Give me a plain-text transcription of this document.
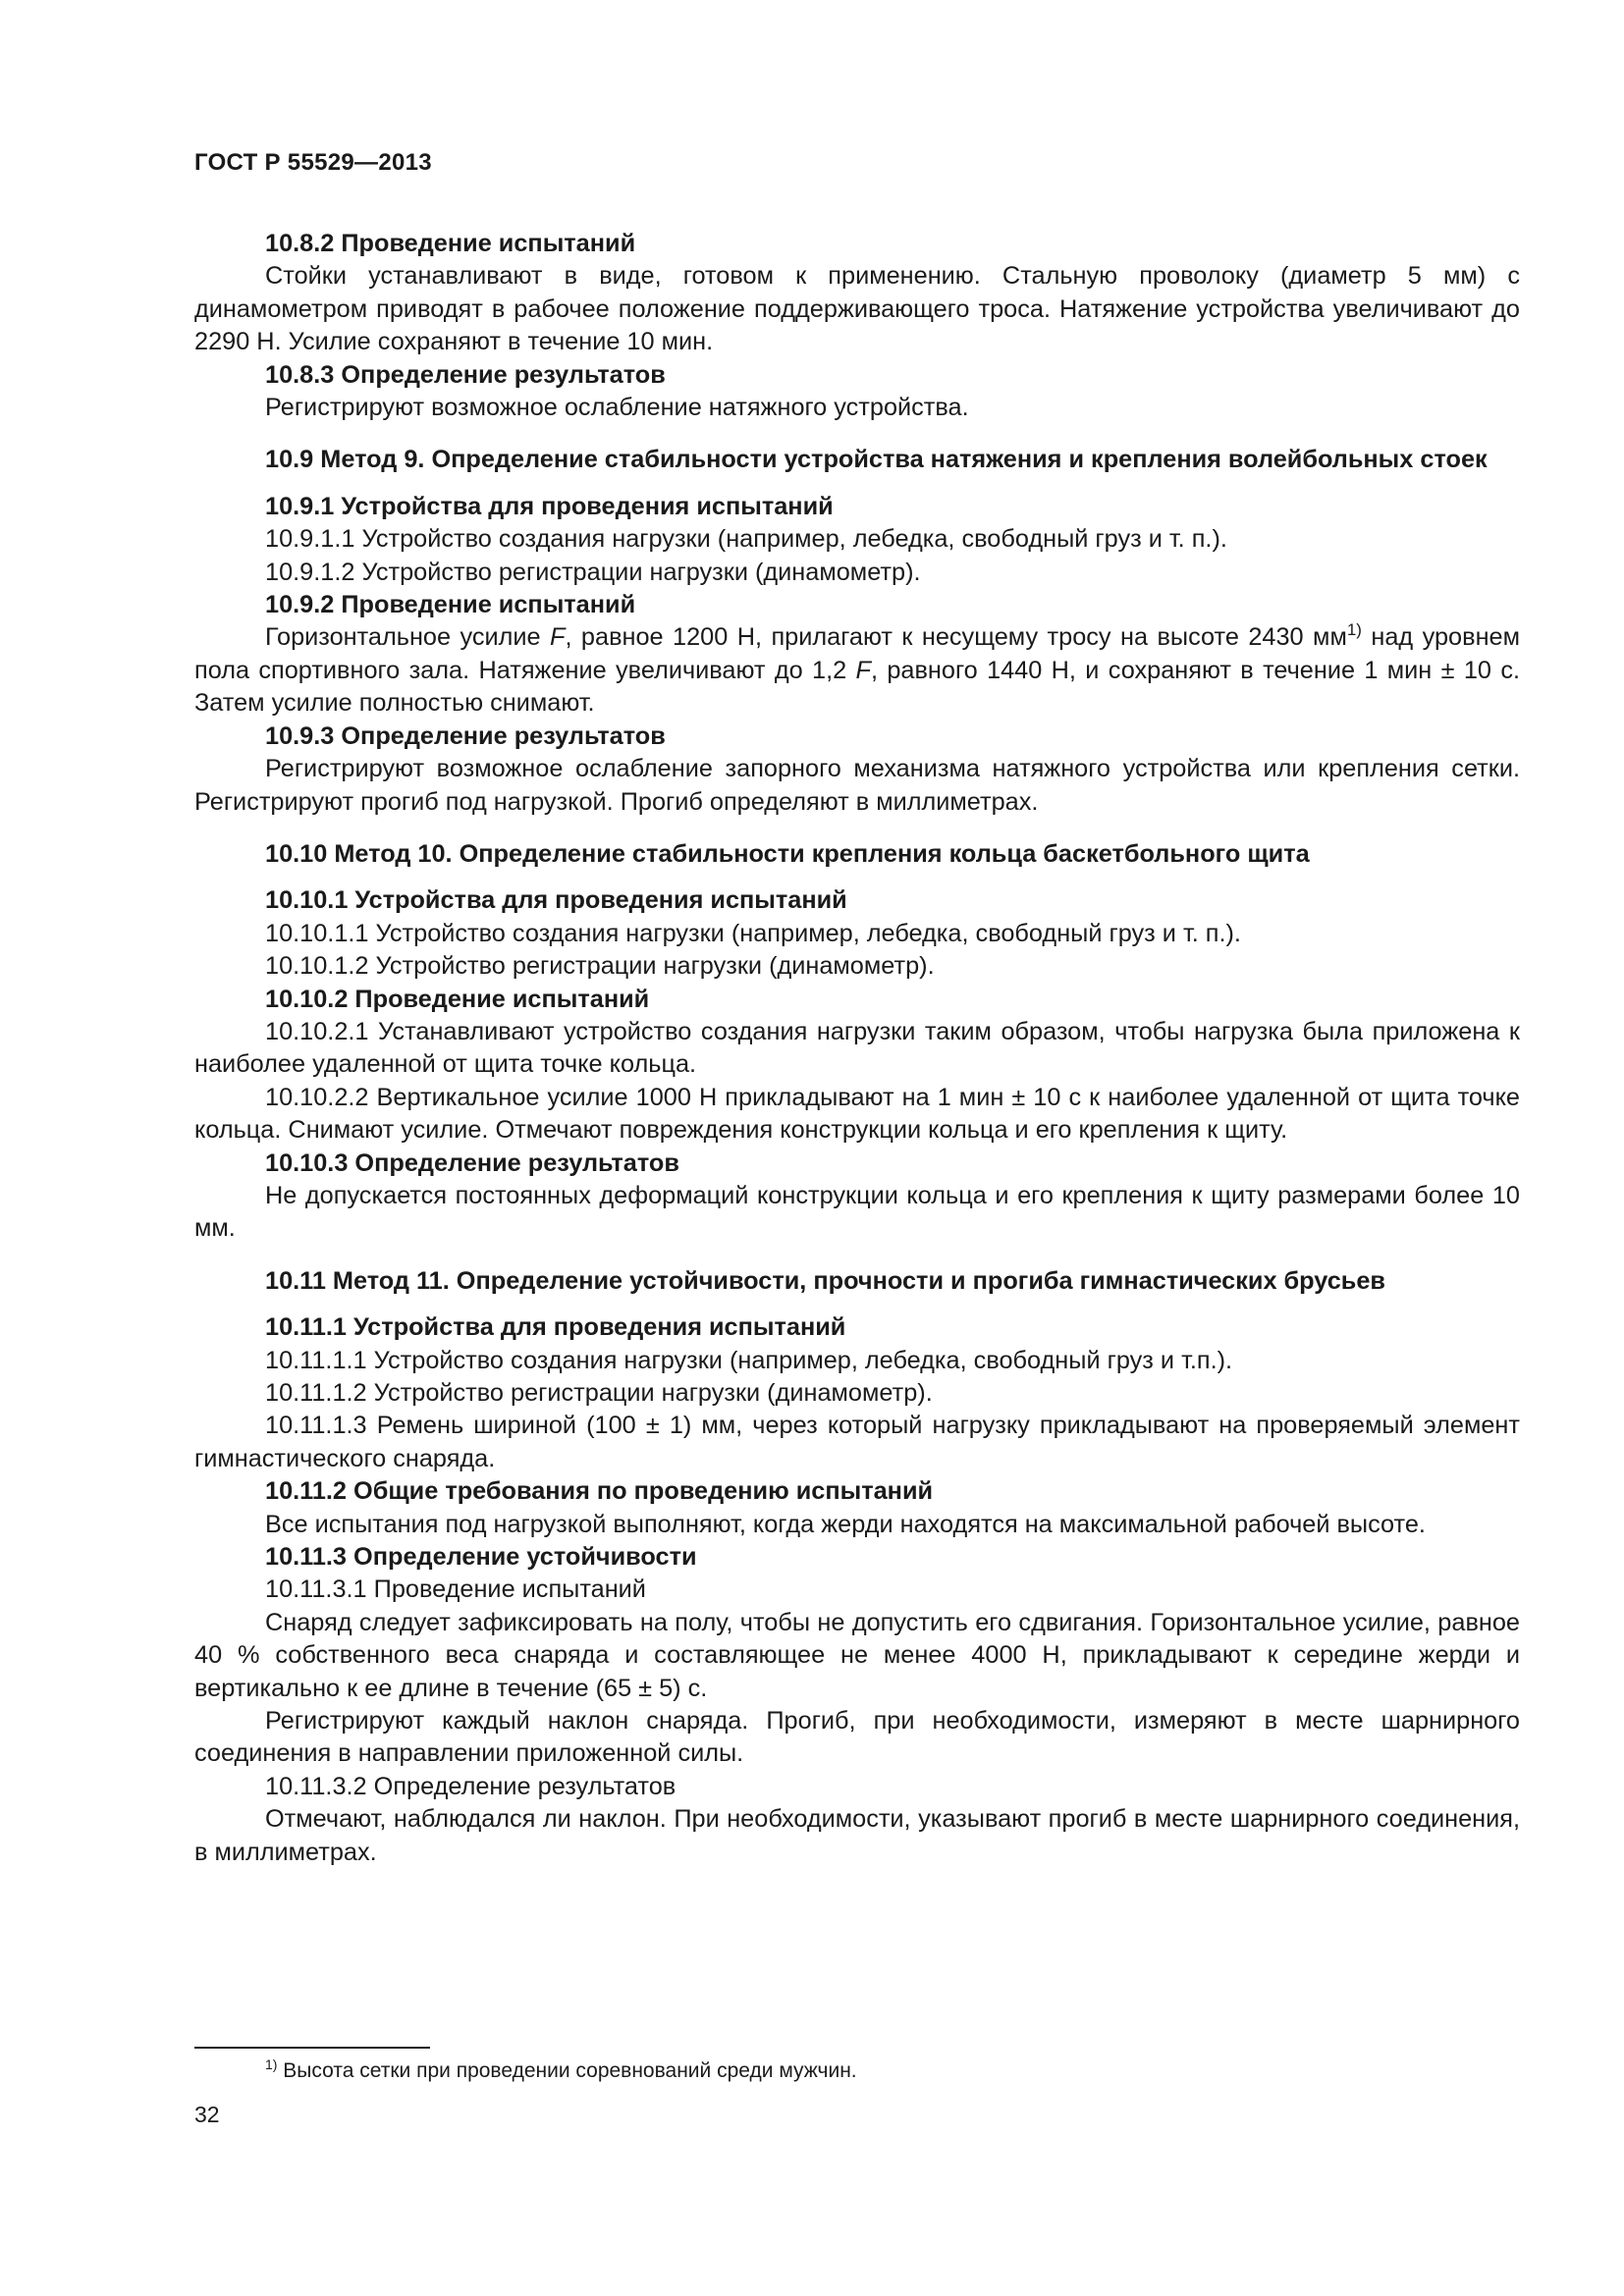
ГОСТ Р 55529—2013

10.8.2 Проведение испытаний

Стойки устанавливают в виде, готовом к применению. Стальную проволоку (диаметр 5 мм) с динамометром приводят в рабочее положение поддерживающего троса. Натяжение устройства увеличивают до 2290 Н. Усилие сохраняют в течение 10 мин.

10.8.3 Определение результатов

Регистрируют возможное ослабление натяжного устройства.

10.9 Метод 9. Определение стабильности устройства натяжения и крепления волейбольных стоек

10.9.1 Устройства для проведения испытаний

10.9.1.1 Устройство создания нагрузки (например, лебедка, свободный груз и т. п.).

10.9.1.2 Устройство регистрации нагрузки (динамометр).

10.9.2 Проведение испытаний

Горизонтальное усилие F, равное 1200 Н, прилагают к несущему тросу на высоте 2430 $мм^{1)}$ над уровнем пола спортивного зала. Натяжение увеличивают до 1,2 F, равного 1440 Н, и сохраняют в течение 1 мин ± 10 с. Затем усилие полностью снимают.

10.9.3 Определение результатов

Регистрируют возможное ослабление запорного механизма натяжного устройства или крепления сетки. Регистрируют прогиб под нагрузкой. Прогиб определяют в миллиметрах.

10.10 Метод 10. Определение стабильности крепления кольца баскетбольного щита

10.10.1 Устройства для проведения испытаний

10.10.1.1 Устройство создания нагрузки (например, лебедка, свободный груз и т. п.).

10.10.1.2 Устройство регистрации нагрузки (динамометр).

10.10.2 Проведение испытаний

10.10.2.1 Устанавливают устройство создания нагрузки таким образом, чтобы нагрузка была приложена к наиболее удаленной от щита точке кольца.

10.10.2.2 Вертикальное усилие 1000 Н прикладывают на 1 мин ± 10 с к наиболее удаленной от щита точке кольца. Снимают усилие. Отмечают повреждения конструкции кольца и его крепления к щиту.

10.10.3 Определение результатов

Не допускается постоянных деформаций конструкции кольца и его крепления к щиту размерами более 10 мм.

10.11 Метод 11. Определение устойчивости, прочности и прогиба гимнастических брусьев

10.11.1 Устройства для проведения испытаний

10.11.1.1 Устройство создания нагрузки (например, лебедка, свободный груз и т.п.).

10.11.1.2 Устройство регистрации нагрузки (динамометр).

10.11.1.3 Ремень шириной (100 ± 1) мм, через который нагрузку прикладывают на проверяемый элемент гимнастического снаряда.

10.11.2 Общие требования по проведению испытаний

Все испытания под нагрузкой выполняют, когда жерди находятся на максимальной рабочей высоте.

10.11.3 Определение устойчивости

10.11.3.1 Проведение испытаний

Снаряд следует зафиксировать на полу, чтобы не допустить его сдвигания. Горизонтальное усилие, равное 40 % собственного веса снаряда и составляющее не менее 4000 Н, прикладывают к середине жерди и вертикально к ее длине в течение (65 ± 5) с.

Регистрируют каждый наклон снаряда. Прогиб, при необходимости, измеряют в месте шарнирного соединения в направлении приложенной силы.

10.11.3.2 Определение результатов

Отмечают, наблюдался ли наклон. При необходимости, указывают прогиб в месте шарнирного соединения, в миллиметрах.

$^{1)}$ Высота сетки при проведении соревнований среди мужчин.
32
